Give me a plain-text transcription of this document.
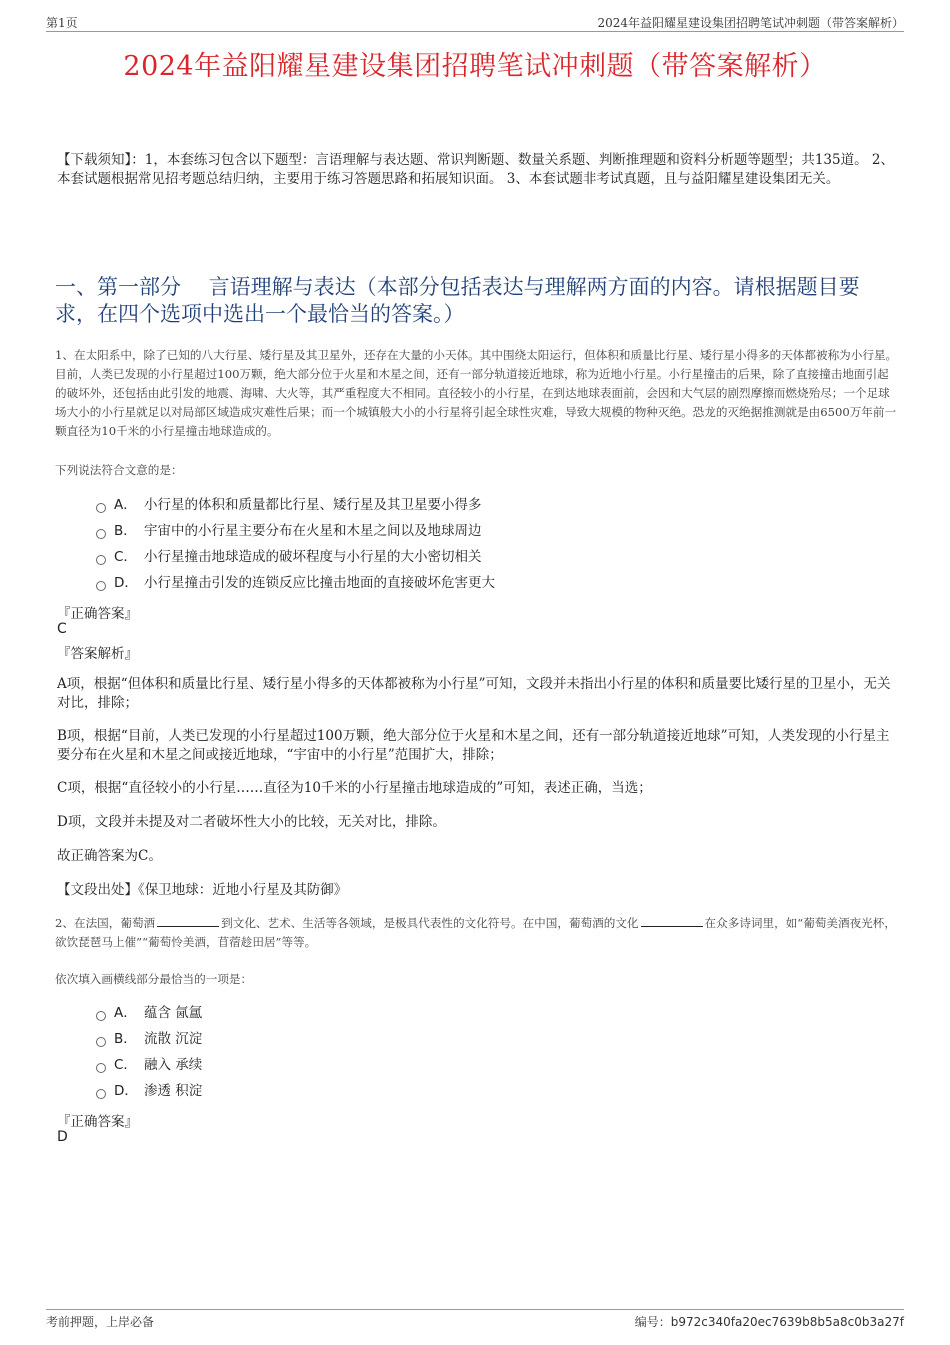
第1页	2024年益阳耀星建设集团招聘笔试冲刺题（带答案解析）
2024年益阳耀星建设集团招聘笔试冲刺题（带答案解析）
【下载须知】：1，本套练习包含以下题型：言语理解与表达题、常识判断题、数量关系题、判断推理题和资料分析题等题型；共135道。 2、本套试题根据常见招考题总结归纳，主要用于练习答题思路和拓展知识面。 3、本套试题非考试真题，且与益阳耀星建设集团无关。
一、第一部分　 言语理解与表达（本部分包括表达与理解两方面的内容。请根据题目要求，在四个选项中选出一个最恰当的答案。）
1、在太阳系中，除了已知的八大行星、矮行星及其卫星外，还存在大量的小天体。其中围绕太阳运行，但体积和质量比行星、矮行星小得多的天体都被称为小行星。目前，人类已发现的小行星超过100万颗，绝大部分位于火星和木星之间，还有一部分轨道接近地球，称为近地小行星。小行星撞击的后果，除了直接撞击地面引起的破坏外，还包括由此引发的地震、海啸、大火等，其严重程度大不相同。直径较小的小行星，在到达地球表面前，会因和大气层的剧烈摩擦而燃烧殆尽；一个足球场大小的小行星就足以对局部区域造成灾难性后果；而一个城镇般大小的小行星将引起全球性灾难，导致大规模的物种灭绝。恐龙的灭绝据推测就是由6500万年前一颗直径为10千米的小行星撞击地球造成的。
下列说法符合文意的是：
A． 小行星的体积和质量都比行星、矮行星及其卫星要小得多
B． 宇宙中的小行星主要分布在火星和木星之间以及地球周边
C． 小行星撞击地球造成的破坏程度与小行星的大小密切相关
D． 小行星撞击引发的连锁反应比撞击地面的直接破坏危害更大
『正确答案』
C
『答案解析』
A项，根据“但体积和质量比行星、矮行星小得多的天体都被称为小行星”可知，文段并未指出小行星的体积和质量要比矮行星的卫星小，无关对比，排除；
B项，根据“目前，人类已发现的小行星超过100万颗，绝大部分位于火星和木星之间，还有一部分轨道接近地球”可知，人类发现的小行星主要分布在火星和木星之间或接近地球，“宇宙中的小行星”范围扩大，排除；
C项，根据“直径较小的小行星……直径为10千米的小行星撞击地球造成的”可知，表述正确，当选；
D项，文段并未提及对二者破坏性大小的比较，无关对比，排除。
故正确答案为C。
【文段出处】《保卫地球：近地小行星及其防御》
2、在法国，葡萄酒	到文化、艺术、生活等各领域，是极具代表性的文化符号。在中国，葡萄酒的文化	在众多诗词里，如“葡萄美酒夜光杯，欲饮琵琶马上催”“葡萄怜美酒，苜蓿趁田居”等等。
依次填入画横线部分最恰当的一项是：
A． 蕴含 氤氲
B． 流散 沉淀
C． 融入 承续
D． 渗透 积淀
『正确答案』
D
考前押题，上岸必备	编号：b972c340fa20ec7639b8b5a8c0b3a27f
